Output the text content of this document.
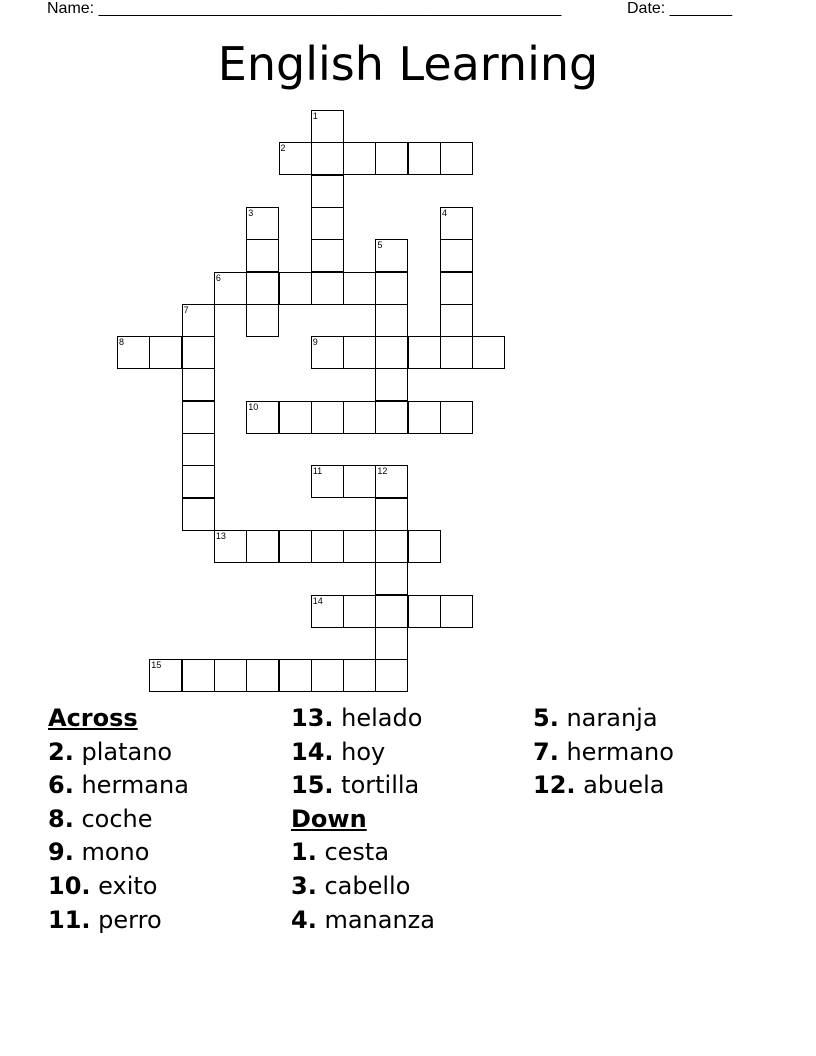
Name: ____________________________________________________	Date: _______
English Learning
1
2
3	4
5
6
7
8	9
10
11	12
13
14
15
Across
2. platano
6. hermana
8. coche
9. mono
10. exito
11. perro
13. helado
14. hoy
15. tortilla
Down
1. cesta
3. cabello
4. mananza
5. naranja
7. hermano
12. abuela
